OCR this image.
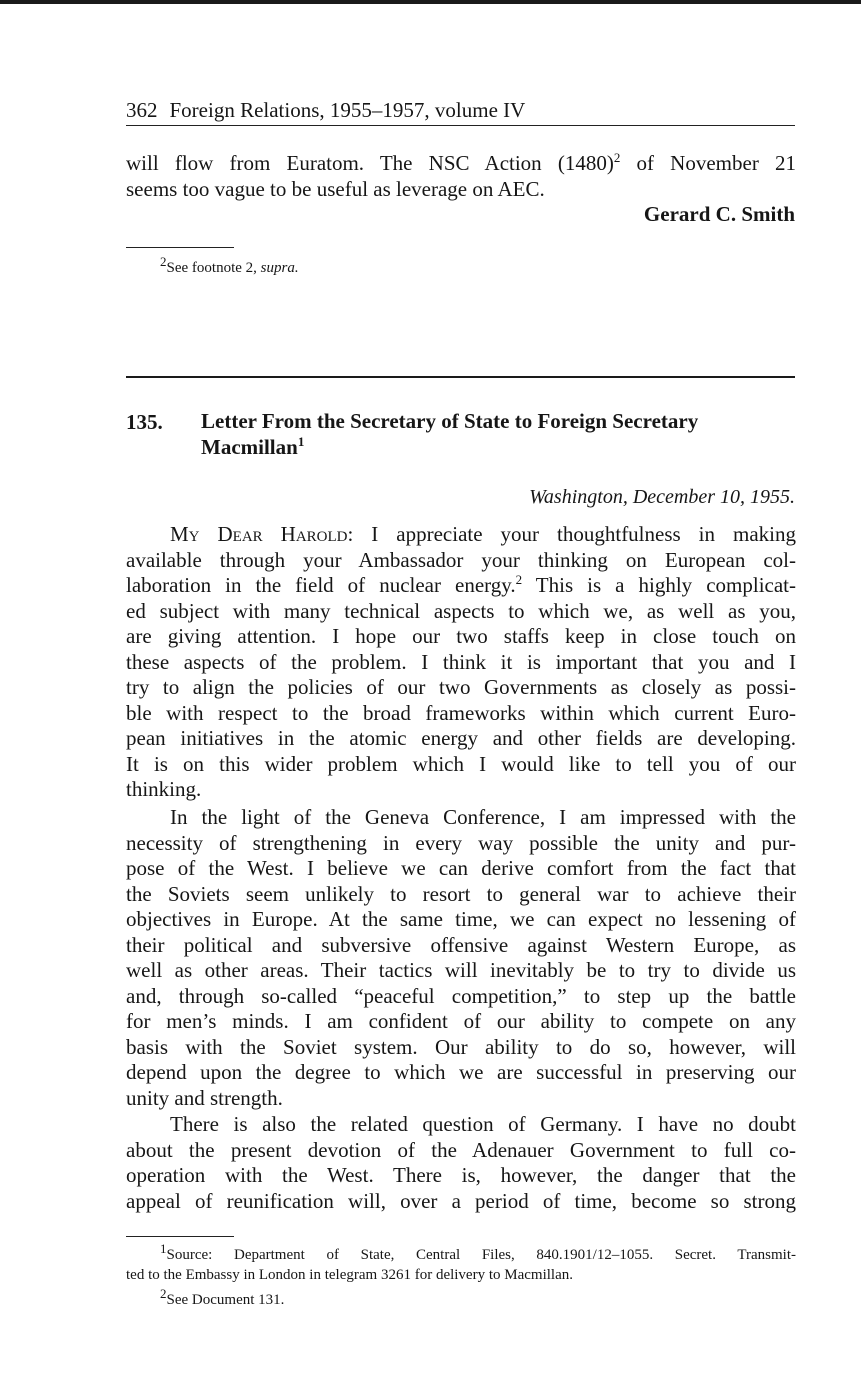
362 Foreign Relations, 1955–1957, volume IV
will flow from Euratom. The NSC Action $(1480)^2$ of November 21
seems too vague to be useful as leverage on AEC.
Gerard C. Smith
2See footnote 2, supra.
135. Letter From the Secretary of State to Foreign Secretary Macmillan$^1$
Washington, December 10, 1955.
My Dear Harold: I appreciate your thoughtfulness in making
available through your Ambassador your thinking on European col-
laboration in the field of nuclear energy.$^2$ This is a highly complicat-
ed subject with many technical aspects to which we, as well as you,
are giving attention. I hope our two staffs keep in close touch on
these aspects of the problem. I think it is important that you and I
try to align the policies of our two Governments as closely as possi-
ble with respect to the broad frameworks within which current Euro-
pean initiatives in the atomic energy and other fields are developing.
It is on this wider problem which I would like to tell you of our
thinking.
In the light of the Geneva Conference, I am impressed with the
necessity of strengthening in every way possible the unity and pur-
pose of the West. I believe we can derive comfort from the fact that
the Soviets seem unlikely to resort to general war to achieve their
objectives in Europe. At the same time, we can expect no lessening of
their political and subversive offensive against Western Europe, as
well as other areas. Their tactics will inevitably be to try to divide us
and, through so-called “peaceful competition,” to step up the battle
for men’s minds. I am confident of our ability to compete on any
basis with the Soviet system. Our ability to do so, however, will
depend upon the degree to which we are successful in preserving our
unity and strength.
There is also the related question of Germany. I have no doubt
about the present devotion of the Adenauer Government to full co-
operation with the West. There is, however, the danger that the
appeal of reunification will, over a period of time, become so strong
1Source: Department of State, Central Files, 840.1901/12–1055. Secret. Transmit-
ted to the Embassy in London in telegram 3261 for delivery to Macmillan.
2See Document 131.
